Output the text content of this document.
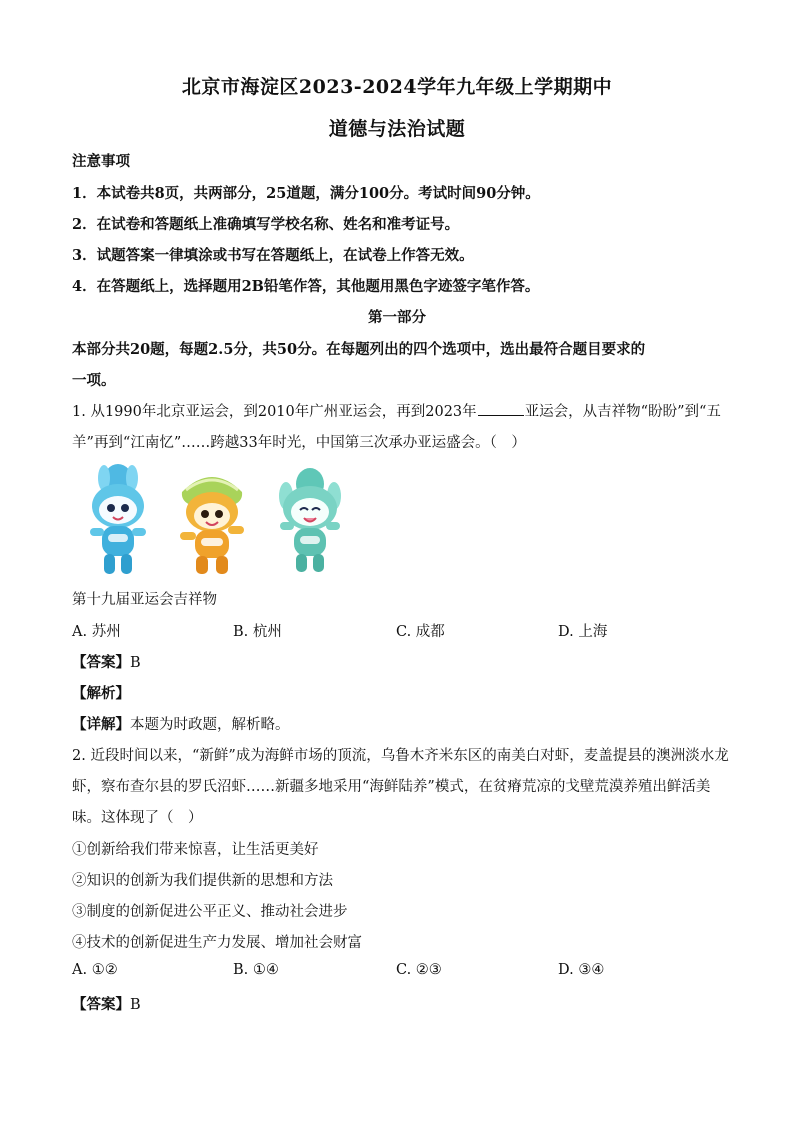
北京市海淀区2023-2024学年九年级上学期期中
道德与法治试题
注意事项
1．本试卷共8页，共两部分，25道题，满分100分。考试时间90分钟。
2．在试卷和答题纸上准确填写学校名称、姓名和准考证号。
3．试题答案一律填涂或书写在答题纸上，在试卷上作答无效。
4．在答题纸上，选择题用2B铅笔作答，其他题用黑色字迹签字笔作答。
第一部分
本部分共20题，每题2.5分，共50分。在每题列出的四个选项中，选出最符合题目要求的
一项。
1. 从1990年北京亚运会，到2010年广州亚运会，再到2023年	亚运会，从吉祥物“盼盼”到“五
羊”再到“江南忆”……跨越33年时光，中国第三次承办亚运盛会。（　）
第十九届亚运会吉祥物
A. 苏州	B. 杭州	C. 成都	D. 上海
【答案】B
【解析】
【详解】本题为时政题，解析略。
2. 近段时间以来，“新鲜”成为海鲜市场的顶流，乌鲁木齐米东区的南美白对虾，麦盖提县的澳洲淡水龙
虾，察布查尔县的罗氏沼虾……新疆多地采用“海鲜陆养”模式，在贫瘠荒凉的戈壁荒漠养殖出鲜活美
味。这体现了（　）
①创新给我们带来惊喜，让生活更美好
②知识的创新为我们提供新的思想和方法
③制度的创新促进公平正义、推动社会进步
④技术的创新促进生产力发展、增加社会财富
A. ①②	B. ①④	C. ②③	D. ③④
【答案】B
